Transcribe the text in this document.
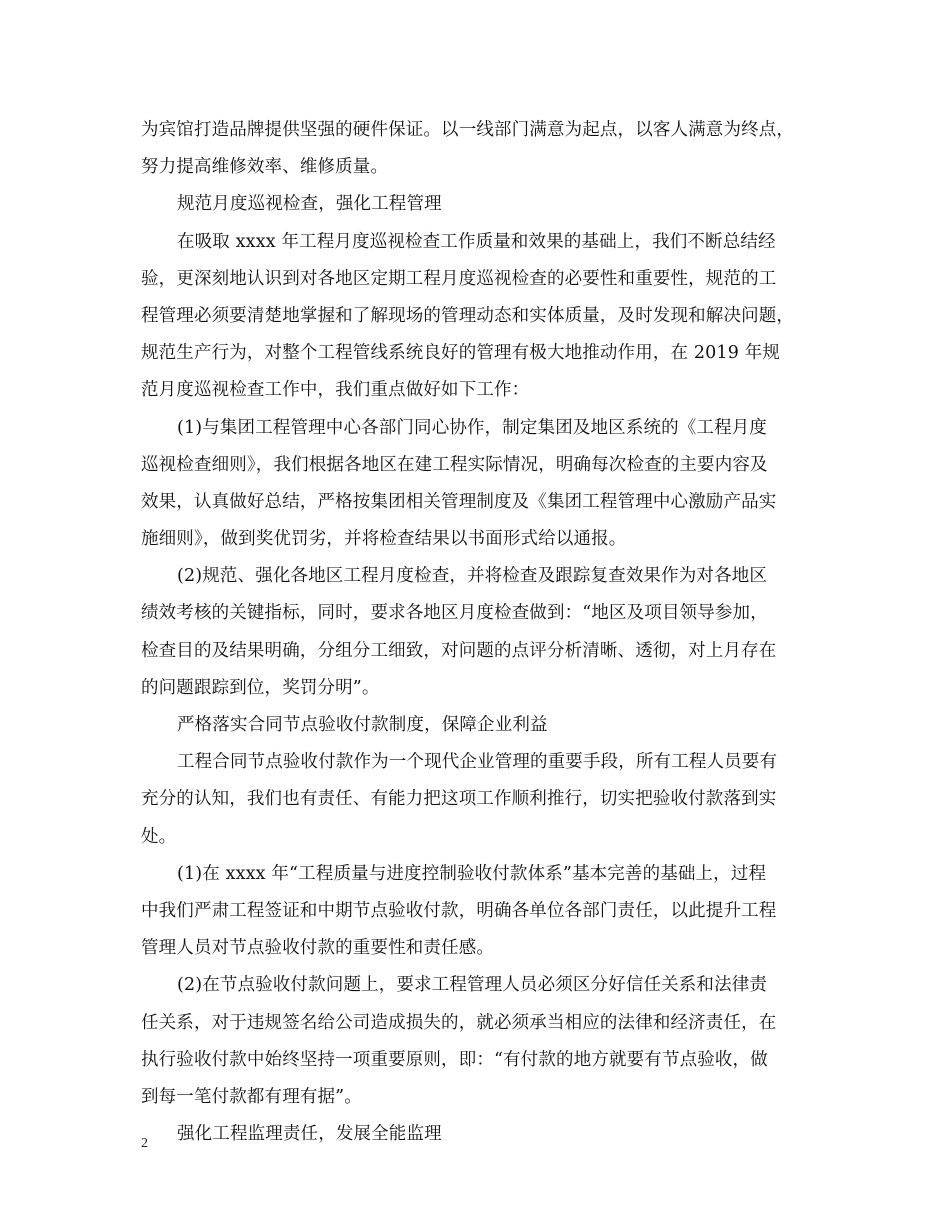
为宾馆打造品牌提供坚强的硬件保证。以一线部门满意为起点，以客人满意为终点，
努力提高维修效率、维修质量。
规范月度巡视检查，强化工程管理
在吸取 xxxx 年工程月度巡视检查工作质量和效果的基础上，我们不断总结经
验，更深刻地认识到对各地区定期工程月度巡视检查的必要性和重要性，规范的工
程管理必须要清楚地掌握和了解现场的管理动态和实体质量，及时发现和解决问题，
规范生产行为，对整个工程管线系统良好的管理有极大地推动作用，在 2019 年规
范月度巡视检查工作中，我们重点做好如下工作：
(1)与集团工程管理中心各部门同心协作，制定集团及地区系统的《工程月度
巡视检查细则》，我们根据各地区在建工程实际情况，明确每次检查的主要内容及
效果，认真做好总结，严格按集团相关管理制度及《集团工程管理中心激励产品实
施细则》，做到奖优罚劣，并将检查结果以书面形式给以通报。
(2)规范、强化各地区工程月度检查，并将检查及跟踪复查效果作为对各地区
绩效考核的关键指标，同时，要求各地区月度检查做到：“地区及项目领导参加，
检查目的及结果明确，分组分工细致，对问题的点评分析清晰、透彻，对上月存在
的问题跟踪到位，奖罚分明”。
严格落实合同节点验收付款制度，保障企业利益
工程合同节点验收付款作为一个现代企业管理的重要手段，所有工程人员要有
充分的认知，我们也有责任、有能力把这项工作顺利推行，切实把验收付款落到实
处。
(1)在 xxxx 年“工程质量与进度控制验收付款体系”基本完善的基础上，过程
中我们严肃工程签证和中期节点验收付款，明确各单位各部门责任，以此提升工程
管理人员对节点验收付款的重要性和责任感。
(2)在节点验收付款问题上，要求工程管理人员必须区分好信任关系和法律责
任关系，对于违规签名给公司造成损失的，就必须承当相应的法律和经济责任，在
执行验收付款中始终坚持一项重要原则，即：“有付款的地方就要有节点验收，做
到每一笔付款都有理有据”。
强化工程监理责任，发展全能监理
2
